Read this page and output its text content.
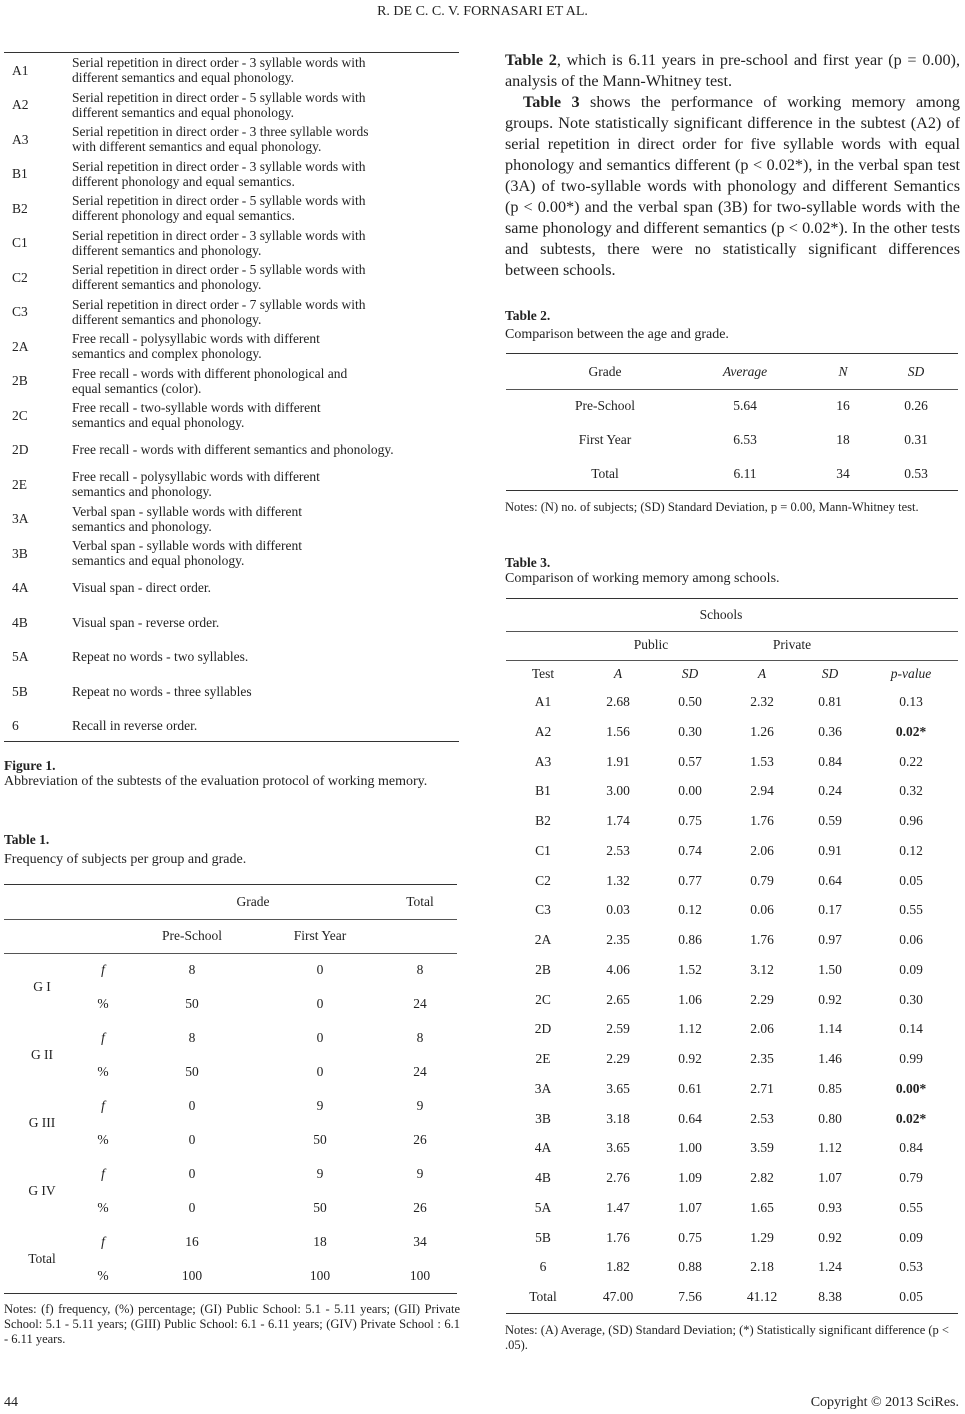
R. DE C. C. V. FORNASARI ET AL.
A1	Serial repetition in direct order - 3 syllable words with
different semantics and equal phonology.

A2	Serial repetition in direct order - 5 syllable words with
different semantics and equal phonology.

A3	Serial repetition in direct order - 3 three syllable words
with different semantics and equal phonology.

B1	Serial repetition in direct order - 3 syllable words with
different phonology and equal semantics.

B2	Serial repetition in direct order - 5 syllable words with
different phonology and equal semantics.

C1	Serial repetition in direct order - 3 syllable words with
different semantics and phonology.

C2	Serial repetition in direct order - 5 syllable words with
different semantics and phonology.

C3	Serial repetition in direct order - 7 syllable words with
different semantics and phonology.

2A	Free recall - polysyllabic words with different
semantics and complex phonology.

2B	Free recall - words with different phonological and
equal semantics (color).

2C	Free recall - two-syllable words with different
semantics and equal phonology.

2D	Free recall - words with different semantics and phonology.

2E	Free recall - polysyllabic words with different
semantics and phonology.

3A	Verbal span - syllable words with different
semantics and phonology.

3B	Verbal span - syllable words with different
semantics and equal phonology.

4A	Visual span - direct order.

4B	Visual span - reverse order.

5A	Repeat no words - two syllables.

5B	Repeat no words - three syllables

6	Recall in reverse order.
Figure 1.
Abbreviation of the subtests of the evaluation protocol of working memory.
Table 1.
Frequency of subjects per group and grade.
Grade	Total
Pre-School	First Year
G I
f	8	0	8
%	50	0	24
G II
f	8	0	8
%	50	0	24
G III
f	0	9	9
%	0	50	26
G IV
f	0	9	9
%	0	50	26
Total
f	16	18	34
%	100	100	100
Notes: (f) frequency, (%) percentage; (GI) Public School: 5.1 - 5.11 years; (GII) Private School: 5.1 - 5.11 years; (GIII) Public School: 6.1 - 6.11 years; (GIV) Private School : 6.1 - 6.11 years.
Table 2, which is 6.11 years in pre-school and first year (p = 0.00), analysis of the Mann-Whitney test.
Table 3 shows the performance of working memory among groups. Note statistically significant difference in the subtest (A2) of serial repetition in direct order for five syllable words with equal phonology and semantics different (p < 0.02*), in the verbal span test (3A) of two-syllable words with phonology and different Semantics (p < 0.00*) and the verbal span (3B) for two-syllable words with the same phonology and different semantics (p < 0.02*). In the other tests and subtests, there were no statistically significant differences between schools.
Table 2.
Comparison between the age and grade.
Grade	Average	N	SD
Pre-School	5.64	16	0.26
First Year	6.53	18	0.31
Total	6.11	34	0.53
Notes: (N) no. of subjects; (SD) Standard Deviation, p = 0.00, Mann-Whitney test.
Table 3.
Comparison of working memory among schools.
Schools
Public	Private
Test	A	SD	A	SD	p-value
A1	2.68	0.50	2.32	0.81	0.13
A2	1.56	0.30	1.26	0.36	0.02*
A3	1.91	0.57	1.53	0.84	0.22
B1	3.00	0.00	2.94	0.24	0.32
B2	1.74	0.75	1.76	0.59	0.96
C1	2.53	0.74	2.06	0.91	0.12
C2	1.32	0.77	0.79	0.64	0.05
C3	0.03	0.12	0.06	0.17	0.55
2A	2.35	0.86	1.76	0.97	0.06
2B	4.06	1.52	3.12	1.50	0.09
2C	2.65	1.06	2.29	0.92	0.30
2D	2.59	1.12	2.06	1.14	0.14
2E	2.29	0.92	2.35	1.46	0.99
3A	3.65	0.61	2.71	0.85	0.00*
3B	3.18	0.64	2.53	0.80	0.02*
4A	3.65	1.00	3.59	1.12	0.84
4B	2.76	1.09	2.82	1.07	0.79
5A	1.47	1.07	1.65	0.93	0.55
5B	1.76	0.75	1.29	0.92	0.09
6	1.82	0.88	2.18	1.24	0.53
Total	47.00	7.56	41.12	8.38	0.05
Notes: (A) Average, (SD) Standard Deviation; (*) Statistically significant difference (p < .05).
44	Copyright © 2013 SciRes.
